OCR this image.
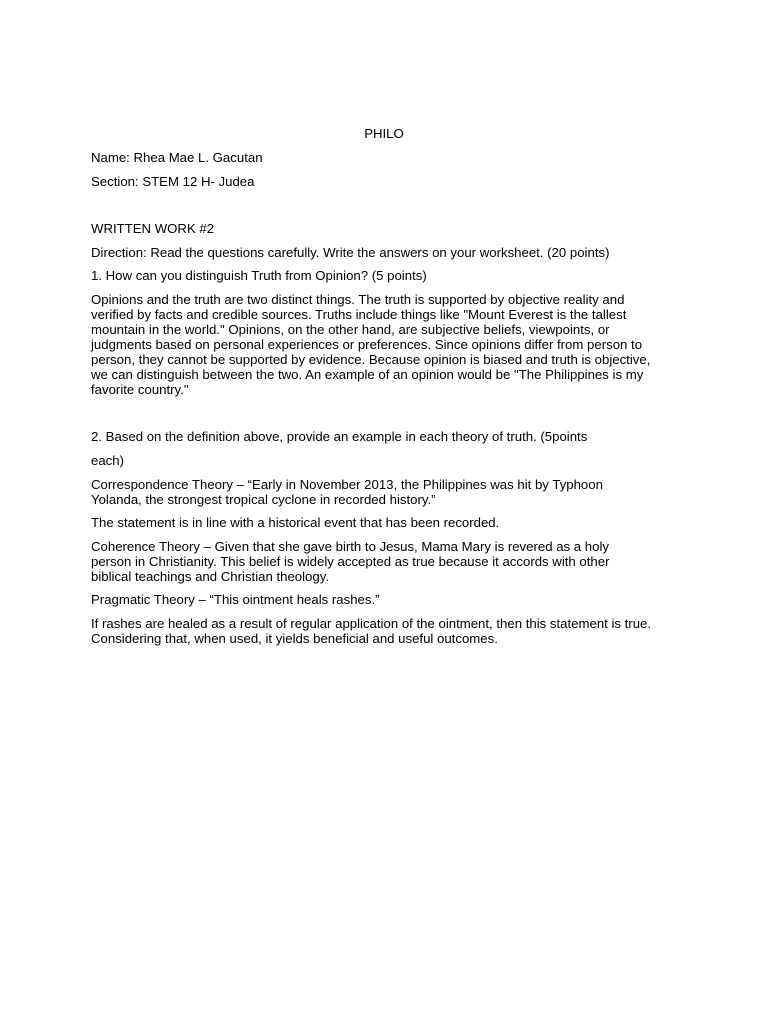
PHILO
Name: Rhea Mae L. Gacutan
Section: STEM 12 H- Judea
WRITTEN WORK #2
Direction: Read the questions carefully. Write the answers on your worksheet. (20 points)
1. How can you distinguish Truth from Opinion? (5 points)
Opinions and the truth are two distinct things. The truth is supported by objective reality and
verified by facts and credible sources. Truths include things like "Mount Everest is the tallest
mountain in the world." Opinions, on the other hand, are subjective beliefs, viewpoints, or
judgments based on personal experiences or preferences. Since opinions differ from person to
person, they cannot be supported by evidence. Because opinion is biased and truth is objective,
we can distinguish between the two. An example of an opinion would be "The Philippines is my
favorite country."
2. Based on the definition above, provide an example in each theory of truth. (5points
each)
Correspondence Theory – “Early in November 2013, the Philippines was hit by Typhoon
Yolanda, the strongest tropical cyclone in recorded history.”
The statement is in line with a historical event that has been recorded.
Coherence Theory – Given that she gave birth to Jesus, Mama Mary is revered as a holy
person in Christianity. This belief is widely accepted as true because it accords with other
biblical teachings and Christian theology.
Pragmatic Theory – “This ointment heals rashes.”
If rashes are healed as a result of regular application of the ointment, then this statement is true.
Considering that, when used, it yields beneficial and useful outcomes.
